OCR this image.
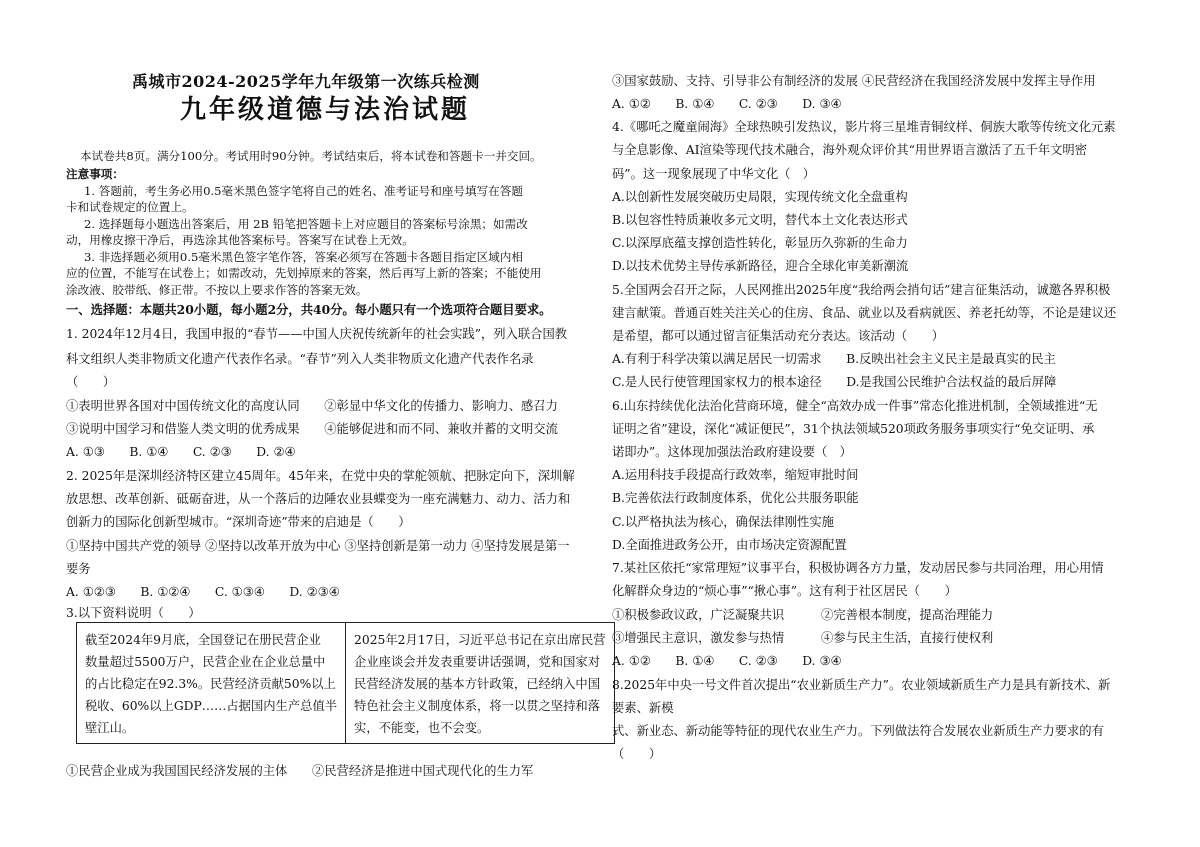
禹城市2024-2025学年九年级第一次练兵检测
九年级道德与法治试题
本试卷共8页。满分100分。考试用时90分钟。考试结束后，将本试卷和答题卡一并交回。
注意事项：
1. 答题前，考生务必用0.5毫米黑色签字笔将自己的姓名、准考证号和座号填写在答题
卡和试卷规定的位置上。
2. 选择题每小题选出答案后，用 2B 铅笔把答题卡上对应题目的答案标号涂黑；如需改
动，用橡皮擦干净后，再选涂其他答案标号。答案写在试卷上无效。
3. 非选择题必须用0.5毫米黑色签字笔作答，答案必须写在答题卡各题目指定区域内相
应的位置，不能写在试卷上；如需改动，先划掉原来的答案，然后再写上新的答案；不能使用
涂改液、胶带纸、修正带。不按以上要求作答的答案无效。
一、选择题：本题共20小题，每小题2分，共40分。每小题只有一个选项符合题目要求。
1. 2024年12月4日，我国申报的“春节——中国人庆祝传统新年的社会实践”，列入联合国教
科文组织人类非物质文化遗产代表作名录。“春节”列入人类非物质文化遗产代表作名录
（　　）
①表明世界各国对中国传统文化的高度认同　　②彰显中华文化的传播力、影响力、感召力
③说明中国学习和借鉴人类文明的优秀成果　　④能够促进和而不同、兼收并蓄的文明交流
A. ①③　　B. ①④　　C. ②③　　D. ②④
2. 2025年是深圳经济特区建立45周年。45年来，在党中央的掌舵领航、把脉定向下，深圳解
放思想、改革创新、砥砺奋进，从一个落后的边陲农业县蝶变为一座充满魅力、动力、活力和
创新力的国际化创新型城市。“深圳奇迹”带来的启迪是（　　）
①坚持中国共产党的领导 ②坚持以改革开放为中心 ③坚持创新是第一动力 ④坚持发展是第一
要务
A. ①②③　　B. ①②④　　C. ①③④　　D. ②③④
3.以下资料说明（　　）
截至2024年9月底，全国登记在册民营企业
数量超过5500万户，民营企业在企业总量中
的占比稳定在92.3%。民营经济贡献50%以上
税收、60%以上GDP……占据国内生产总值半
壁江山。

2025年2月17日，习近平总书记在京出席民营
企业座谈会并发表重要讲话强调，党和国家对
民营经济发展的基本方针政策，已经纳入中国
特色社会主义制度体系，将一以贯之坚持和落
实，不能变，也不会变。
①民营企业成为我国国民经济发展的主体　　②民营经济是推进中国式现代化的生力军
③国家鼓励、支持、引导非公有制经济的发展 ④民营经济在我国经济发展中发挥主导作用
A. ①②　　B. ①④　　C. ②③　　D. ③④
4.《哪吒之魔童闹海》全球热映引发热议，影片将三星堆青铜纹样、侗族大歌等传统文化元素
与全息影像、AI渲染等现代技术融合，海外观众评价其“用世界语言激活了五千年文明密
码”。这一现象展现了中华文化（　）
A.以创新性发展突破历史局限，实现传统文化全盘重构
B.以包容性特质兼收多元文明，替代本土文化表达形式
C.以深厚底蕴支撑创造性转化，彰显历久弥新的生命力
D.以技术优势主导传承新路径，迎合全球化审美新潮流
5.全国两会召开之际，人民网推出2025年度“我给两会捎句话”建言征集活动，诚邀各界积极
建言献策。普通百姓关注关心的住房、食品、就业以及看病就医、养老托幼等，不论是建议还
是希望，都可以通过留言征集活动充分表达。该活动（　　）
A.有利于科学决策以满足居民一切需求　　B.反映出社会主义民主是最真实的民主
C.是人民行使管理国家权力的根本途径　　D.是我国公民维护合法权益的最后屏障
6.山东持续优化法治化营商环境，健全“高效办成一件事”常态化推进机制，全领域推进“无
证明之省”建设，深化“减证便民”，31个执法领域520项政务服务事项实行“免交证明、承
诺即办”。这体现加强法治政府建设要（　）
A.运用科技手段提高行政效率，缩短审批时间
B.完善依法行政制度体系，优化公共服务职能
C.以严格执法为核心，确保法律刚性实施
D.全面推进政务公开，由市场决定资源配置
7.某社区依托“家常理短”议事平台，积极协调各方力量，发动居民参与共同治理，用心用情
化解群众身边的“烦心事”“揪心事”。这有利于社区居民（　　）
①积极参政议政，广泛凝聚共识　　　②完善根本制度，提高治理能力
③增强民主意识，激发参与热情　　　④参与民主生活，直接行使权利
A. ①②　　B. ①④　　C. ②③　　D. ③④
8.2025年中央一号文件首次提出“农业新质生产力”。农业领域新质生产力是具有新技术、新
要素、新模
式、新业态、新动能等特征的现代农业生产力。下列做法符合发展农业新质生产力要求的有
（　　）
